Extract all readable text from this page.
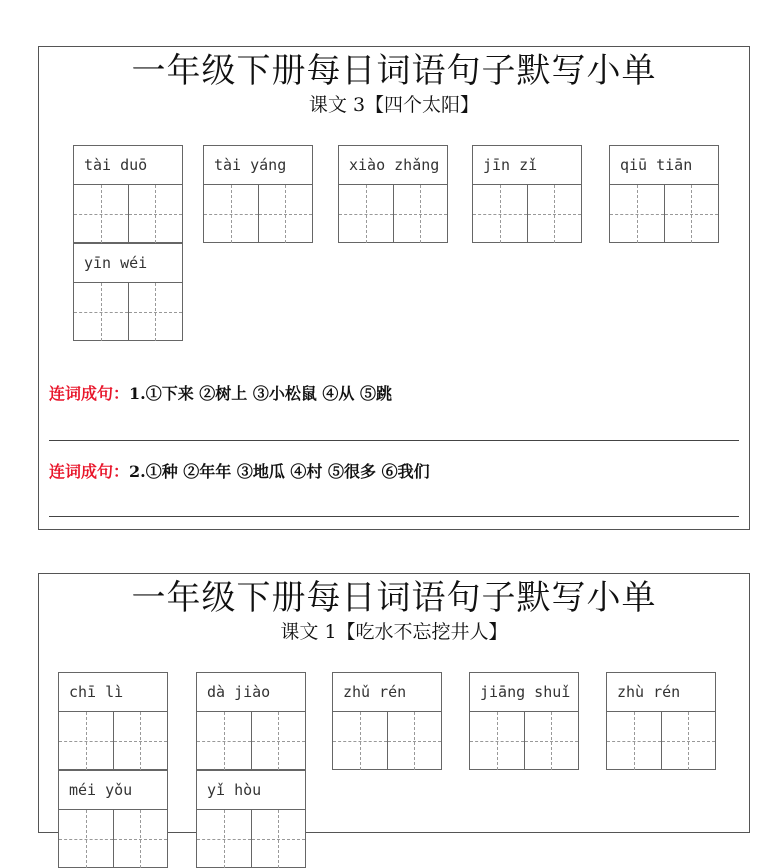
一年级下册每日词语句子默写小单
课文 3【四个太阳】
tài duō	tài yáng	xiào zhǎng	jīn zǐ	qiū tiān
yīn wéi
连词成句：1.①下来 ②树上 ③小松鼠 ④从 ⑤跳
连词成句：2.①种 ②年年 ③地瓜 ④村 ⑤很多 ⑥我们
一年级下册每日词语句子默写小单
课文 1【吃水不忘挖井人】
chī lì	dà jiào	zhǔ rén	jiāng shuǐ	zhù rén
méi yǒu	yǐ hòu
